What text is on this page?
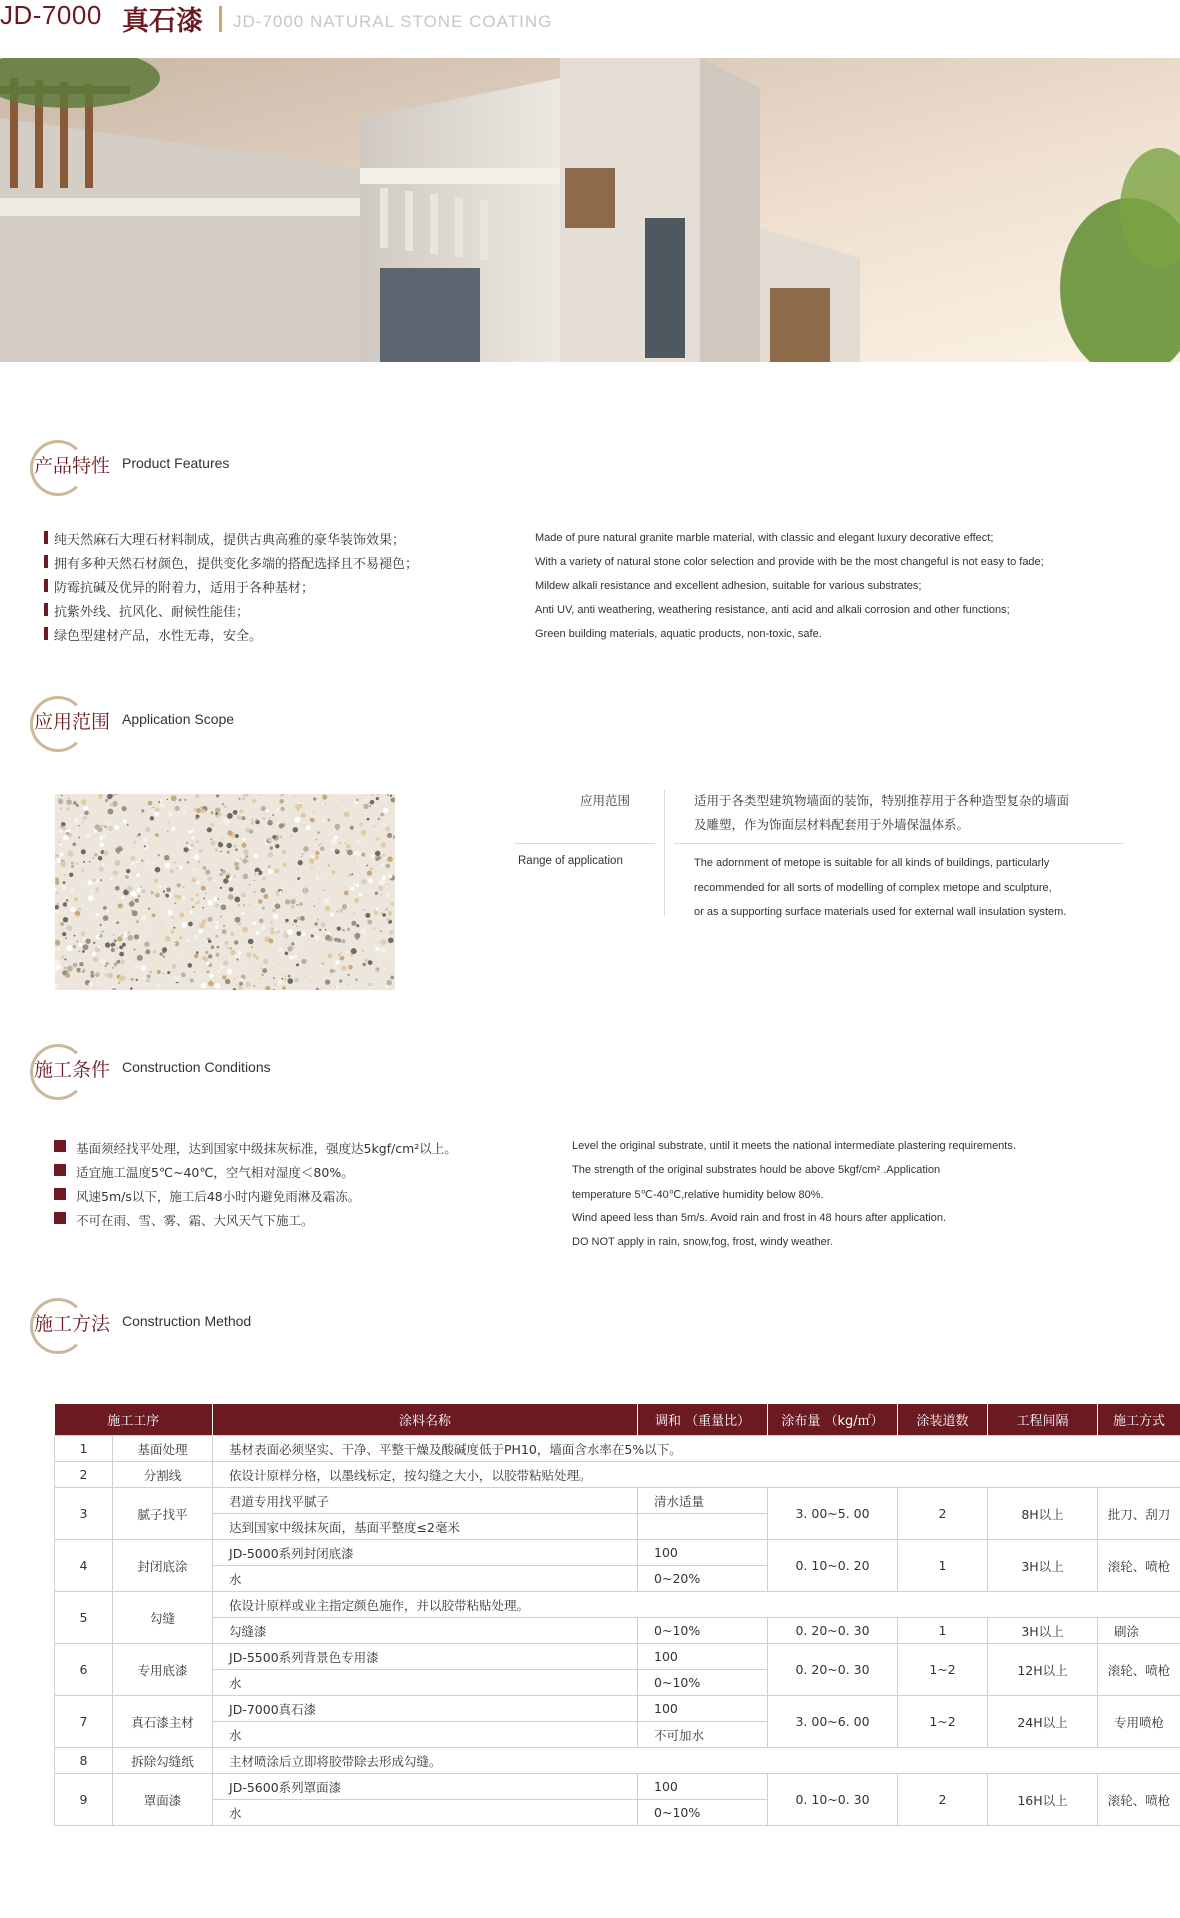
JD-7000 真石漆 JD-7000 NATURAL STONE COATING
产品特性 Product Features
纯天然麻石大理石材料制成，提供古典高雅的豪华装饰效果；
拥有多种天然石材颜色，提供变化多端的搭配选择且不易褪色；
防霉抗碱及优异的附着力，适用于各种基材；
抗紫外线、抗风化、耐候性能佳；
绿色型建材产品，水性无毒，安全。
Made of pure natural granite marble material, with classic and elegant luxury decorative effect;
With a variety of natural stone color selection and provide with be the most changeful is not easy to fade;
Mildew alkali resistance and excellent adhesion, suitable for various substrates;
Anti UV, anti weathering, weathering resistance, anti acid and alkali corrosion and other functions;
Green building materials, aquatic products, non-toxic, safe.
应用范围 Application Scope
应用范围
Range of application
适用于各类型建筑物墙面的装饰，特别推荐用于各种造型复杂的墙面
及雕塑，作为饰面层材料配套用于外墙保温体系。
The adornment of metope is suitable for all kinds of buildings, particularly
recommended for all sorts of modelling of complex metope and sculpture,
or as a supporting surface materials used for external wall insulation system.
施工条件 Construction Conditions
基面须经找平处理，达到国家中级抹灰标准，强度达5kgf/cm²以上。
适宜施工温度5℃~40℃，空气相对湿度＜80%。
风速5m/s以下，施工后48小时内避免雨淋及霜冻。
不可在雨、雪、雾、霜、大风天气下施工。
Level the original substrate, until it meets the national intermediate plastering requirements.
The strength of the original substrates hould be above 5kgf/cm² .Application
temperature 5℃-40℃,relative humidity below 80%.
Wind apeed less than 5m/s. Avoid rain and frost in 48 hours after application.
DO NOT apply in rain, snow,fog, frost, windy weather.
施工方法 Construction Method
施工工序		涂料名称	调和 （重量比）	涂布量 （kg/㎡）	涂装道数	工程间隔	施工方式
1	基面处理	基材表面必须坚实、干净、平整干燥及酸碱度低于PH10，墙面含水率在5%以下。					
2	分割线	依设计原样分格，以墨线标定，按勾缝之大小，以胶带粘贴处理。					
3	腻子找平	君道专用找平腻子	清水适量	3. 00~5. 00	2	8H以上	批刀、刮刀
		达到国家中级抹灰面，基面平整度≤2毫米					
4	封闭底涂	JD-5000系列封闭底漆	100	0. 10~0. 20	1	3H以上	滚轮、喷枪
		水	0~20%				
5	勾缝	依设计原样或业主指定颜色施作，并以胶带粘贴处理。					
		勾缝漆	0~10%	0. 20~0. 30	1	3H以上	刷涂
6	专用底漆	JD-5500系列背景色专用漆	100	0. 20~0. 30	1~2	12H以上	滚轮、喷枪
		水	0~10%				
7	真石漆主材	JD-7000真石漆	100	3. 00~6. 00	1~2	24H以上	专用喷枪
		水	不可加水				
8	拆除勾缝纸	主材喷涂后立即将胶带除去形成勾缝。					
9	罩面漆	JD-5600系列罩面漆	100	0. 10~0. 30	2	16H以上	滚轮、喷枪
		水	0~10%				
